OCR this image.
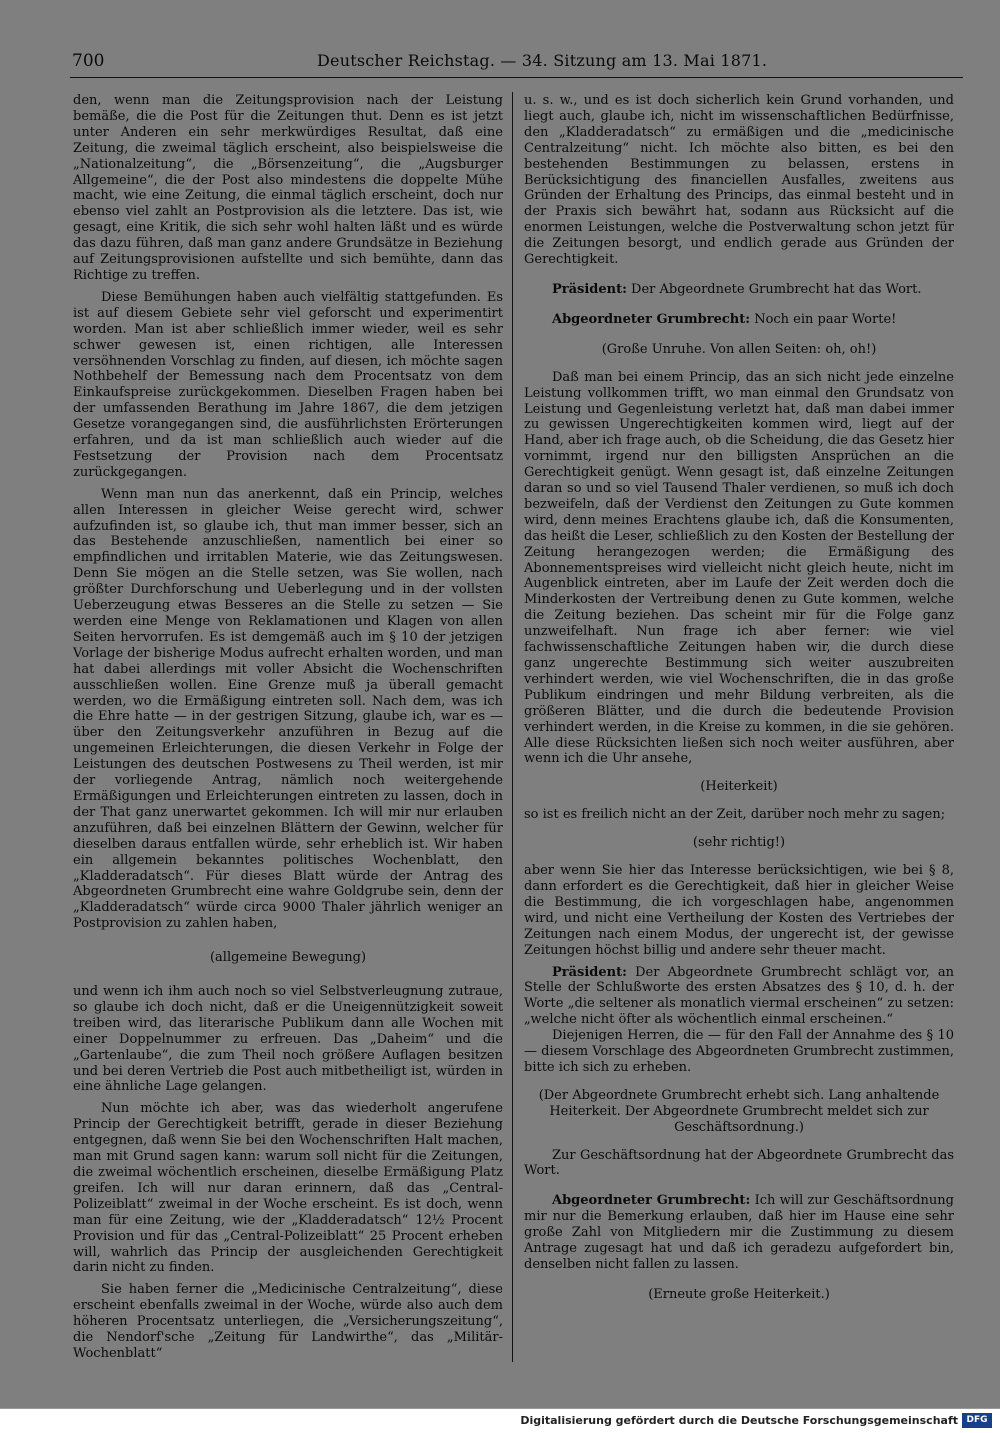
700	Deutscher Reichstag. — 34. Sitzung am 13. Mai 1871.

den, wenn man die Zeitungsprovision nach der Leistung bemäße, die die Post für die Zeitungen thut. Denn es ist jetzt unter Anderen ein sehr merkwürdiges Resultat, daß eine Zeitung, die zweimal täglich erscheint, also beispielsweise die „Nationalzeitung“, die „Börsenzeitung“, die „Augsburger Allgemeine“, die der Post also mindestens die doppelte Mühe macht, wie eine Zeitung, die einmal täglich erscheint, doch nur ebenso viel zahlt an Postprovision als die letztere. Das ist, wie gesagt, eine Kritik, die sich sehr wohl halten läßt und es würde das dazu führen, daß man ganz andere Grundsätze in Beziehung auf Zeitungsprovisionen aufstellte und sich bemühte, dann das Richtige zu treffen.

Diese Bemühungen haben auch vielfältig stattgefunden. Es ist auf diesem Gebiete sehr viel geforscht und experimentirt worden. Man ist aber schließlich immer wieder, weil es sehr schwer gewesen ist, einen richtigen, alle Interessen versöhnenden Vorschlag zu finden, auf diesen, ich möchte sagen Nothbehelf der Bemessung nach dem Procentsatz von dem Einkaufspreise zurückgekommen. Dieselben Fragen haben bei der umfassenden Berathung im Jahre 1867, die dem jetzigen Gesetze vorangegangen sind, die ausführlichsten Erörterungen erfahren, und da ist man schließlich auch wieder auf die Festsetzung der Provision nach dem Procentsatz zurückgegangen.

Wenn man nun das anerkennt, daß ein Princip, welches allen Interessen in gleicher Weise gerecht wird, schwer aufzufinden ist, so glaube ich, thut man immer besser, sich an das Bestehende anzuschließen, namentlich bei einer so empfindlichen und irritablen Materie, wie das Zeitungswesen. Denn Sie mögen an die Stelle setzen, was Sie wollen, nach größter Durchforschung und Ueberlegung und in der vollsten Ueberzeugung etwas Besseres an die Stelle zu setzen — Sie werden eine Menge von Reklamationen und Klagen von allen Seiten hervorrufen. Es ist demgemäß auch im § 10 der jetzigen Vorlage der bisherige Modus aufrecht erhalten worden, und man hat dabei allerdings mit voller Absicht die Wochenschriften ausschließen wollen. Eine Grenze muß ja überall gemacht werden, wo die Ermäßigung eintreten soll. Nach dem, was ich die Ehre hatte — in der gestrigen Sitzung, glaube ich, war es — über den Zeitungsverkehr anzuführen in Bezug auf die ungemeinen Erleichterungen, die diesen Verkehr in Folge der Leistungen des deutschen Postwesens zu Theil werden, ist mir der vorliegende Antrag, nämlich noch weitergehende Ermäßigungen und Erleichterungen eintreten zu lassen, doch in der That ganz unerwartet gekommen. Ich will mir nur erlauben anzuführen, daß bei einzelnen Blättern der Gewinn, welcher für dieselben daraus entfallen würde, sehr erheblich ist. Wir haben ein allgemein bekanntes politisches Wochenblatt, den „Kladderadatsch“. Für dieses Blatt würde der Antrag des Abgeordneten Grumbrecht eine wahre Goldgrube sein, denn der „Kladderadatsch“ würde circa 9000 Thaler jährlich weniger an Postprovision zu zahlen haben,

(allgemeine Bewegung)

und wenn ich ihm auch noch so viel Selbstverleugnung zutraue, so glaube ich doch nicht, daß er die Uneigennützigkeit soweit treiben wird, das literarische Publikum dann alle Wochen mit einer Doppelnummer zu erfreuen. Das „Daheim“ und die „Gartenlaube“, die zum Theil noch größere Auflagen besitzen und bei deren Vertrieb die Post auch mitbetheiligt ist, würden in eine ähnliche Lage gelangen.

Nun möchte ich aber, was das wiederholt angerufene Princip der Gerechtigkeit betrifft, gerade in dieser Beziehung entgegnen, daß wenn Sie bei den Wochenschriften Halt machen, man mit Grund sagen kann: warum soll nicht für die Zeitungen, die zweimal wöchentlich erscheinen, dieselbe Ermäßigung Platz greifen. Ich will nur daran erinnern, daß das „Central-Polizeiblatt“ zweimal in der Woche erscheint. Es ist doch, wenn man für eine Zeitung, wie der „Kladderadatsch“ 12½ Procent Provision und für das „Central-Polizeiblatt“ 25 Procent erheben will, wahrlich das Princip der ausgleichenden Gerechtigkeit darin nicht zu finden.

Sie haben ferner die „Medicinische Centralzeitung“, diese erscheint ebenfalls zweimal in der Woche, würde also auch dem höheren Procentsatz unterliegen, die „Versicherungszeitung“, die Nendorf'sche „Zeitung für Landwirthe“, das „Militär-Wochenblatt“

u. s. w., und es ist doch sicherlich kein Grund vorhanden, und liegt auch, glaube ich, nicht im wissenschaftlichen Bedürfnisse, den „Kladderadatsch“ zu ermäßigen und die „medicinische Centralzeitung“ nicht. Ich möchte also bitten, es bei den bestehenden Bestimmungen zu belassen, erstens in Berücksichtigung des financiellen Ausfalles, zweitens aus Gründen der Erhaltung des Princips, das einmal besteht und in der Praxis sich bewährt hat, sodann aus Rücksicht auf die enormen Leistungen, welche die Postverwaltung schon jetzt für die Zeitungen besorgt, und endlich gerade aus Gründen der Gerechtigkeit.

Präsident: Der Abgeordnete Grumbrecht hat das Wort.

Abgeordneter Grumbrecht: Noch ein paar Worte!

(Große Unruhe. Von allen Seiten: oh, oh!)

Daß man bei einem Princip, das an sich nicht jede einzelne Leistung vollkommen trifft, wo man einmal den Grundsatz von Leistung und Gegenleistung verletzt hat, daß man dabei immer zu gewissen Ungerechtigkeiten kommen wird, liegt auf der Hand, aber ich frage auch, ob die Scheidung, die das Gesetz hier vornimmt, irgend nur den billigsten Ansprüchen an die Gerechtigkeit genügt. Wenn gesagt ist, daß einzelne Zeitungen daran so und so viel Tausend Thaler verdienen, so muß ich doch bezweifeln, daß der Verdienst den Zeitungen zu Gute kommen wird, denn meines Erachtens glaube ich, daß die Konsumenten, das heißt die Leser, schließlich zu den Kosten der Bestellung der Zeitung herangezogen werden; die Ermäßigung des Abonnementspreises wird vielleicht nicht gleich heute, nicht im Augenblick eintreten, aber im Laufe der Zeit werden doch die Minderkosten der Vertreibung denen zu Gute kommen, welche die Zeitung beziehen. Das scheint mir für die Folge ganz unzweifelhaft. Nun frage ich aber ferner: wie viel fachwissenschaftliche Zeitungen haben wir, die durch diese ganz ungerechte Bestimmung sich weiter auszubreiten verhindert werden, wie viel Wochenschriften, die in das große Publikum eindringen und mehr Bildung verbreiten, als die größeren Blätter, und die durch die bedeutende Provision verhindert werden, in die Kreise zu kommen, in die sie gehören. Alle diese Rücksichten ließen sich noch weiter ausführen, aber wenn ich die Uhr ansehe,

(Heiterkeit)

so ist es freilich nicht an der Zeit, darüber noch mehr zu sagen;

(sehr richtig!)

aber wenn Sie hier das Interesse berücksichtigen, wie bei § 8, dann erfordert es die Gerechtigkeit, daß hier in gleicher Weise die Bestimmung, die ich vorgeschlagen habe, angenommen wird, und nicht eine Vertheilung der Kosten des Vertriebes der Zeitungen nach einem Modus, der ungerecht ist, der gewisse Zeitungen höchst billig und andere sehr theuer macht.

Präsident: Der Abgeordnete Grumbrecht schlägt vor, an Stelle der Schlußworte des ersten Absatzes des § 10, d. h. der Worte „die seltener als monatlich viermal erscheinen“ zu setzen: „welche nicht öfter als wöchentlich einmal erscheinen.“

Diejenigen Herren, die — für den Fall der Annahme des § 10 — diesem Vorschlage des Abgeordneten Grumbrecht zustimmen, bitte ich sich zu erheben.

(Der Abgeordnete Grumbrecht erhebt sich. Lang anhaltende Heiterkeit. Der Abgeordnete Grumbrecht meldet sich zur Geschäftsordnung.)

Zur Geschäftsordnung hat der Abgeordnete Grumbrecht das Wort.

Abgeordneter Grumbrecht: Ich will zur Geschäftsordnung mir nur die Bemerkung erlauben, daß hier im Hause eine sehr große Zahl von Mitgliedern mir die Zustimmung zu diesem Antrage zugesagt hat und daß ich geradezu aufgefordert bin, denselben nicht fallen zu lassen.

(Erneute große Heiterkeit.)

Digitalisierung gefördert durch die Deutsche Forschungsgemeinschaft DFG
